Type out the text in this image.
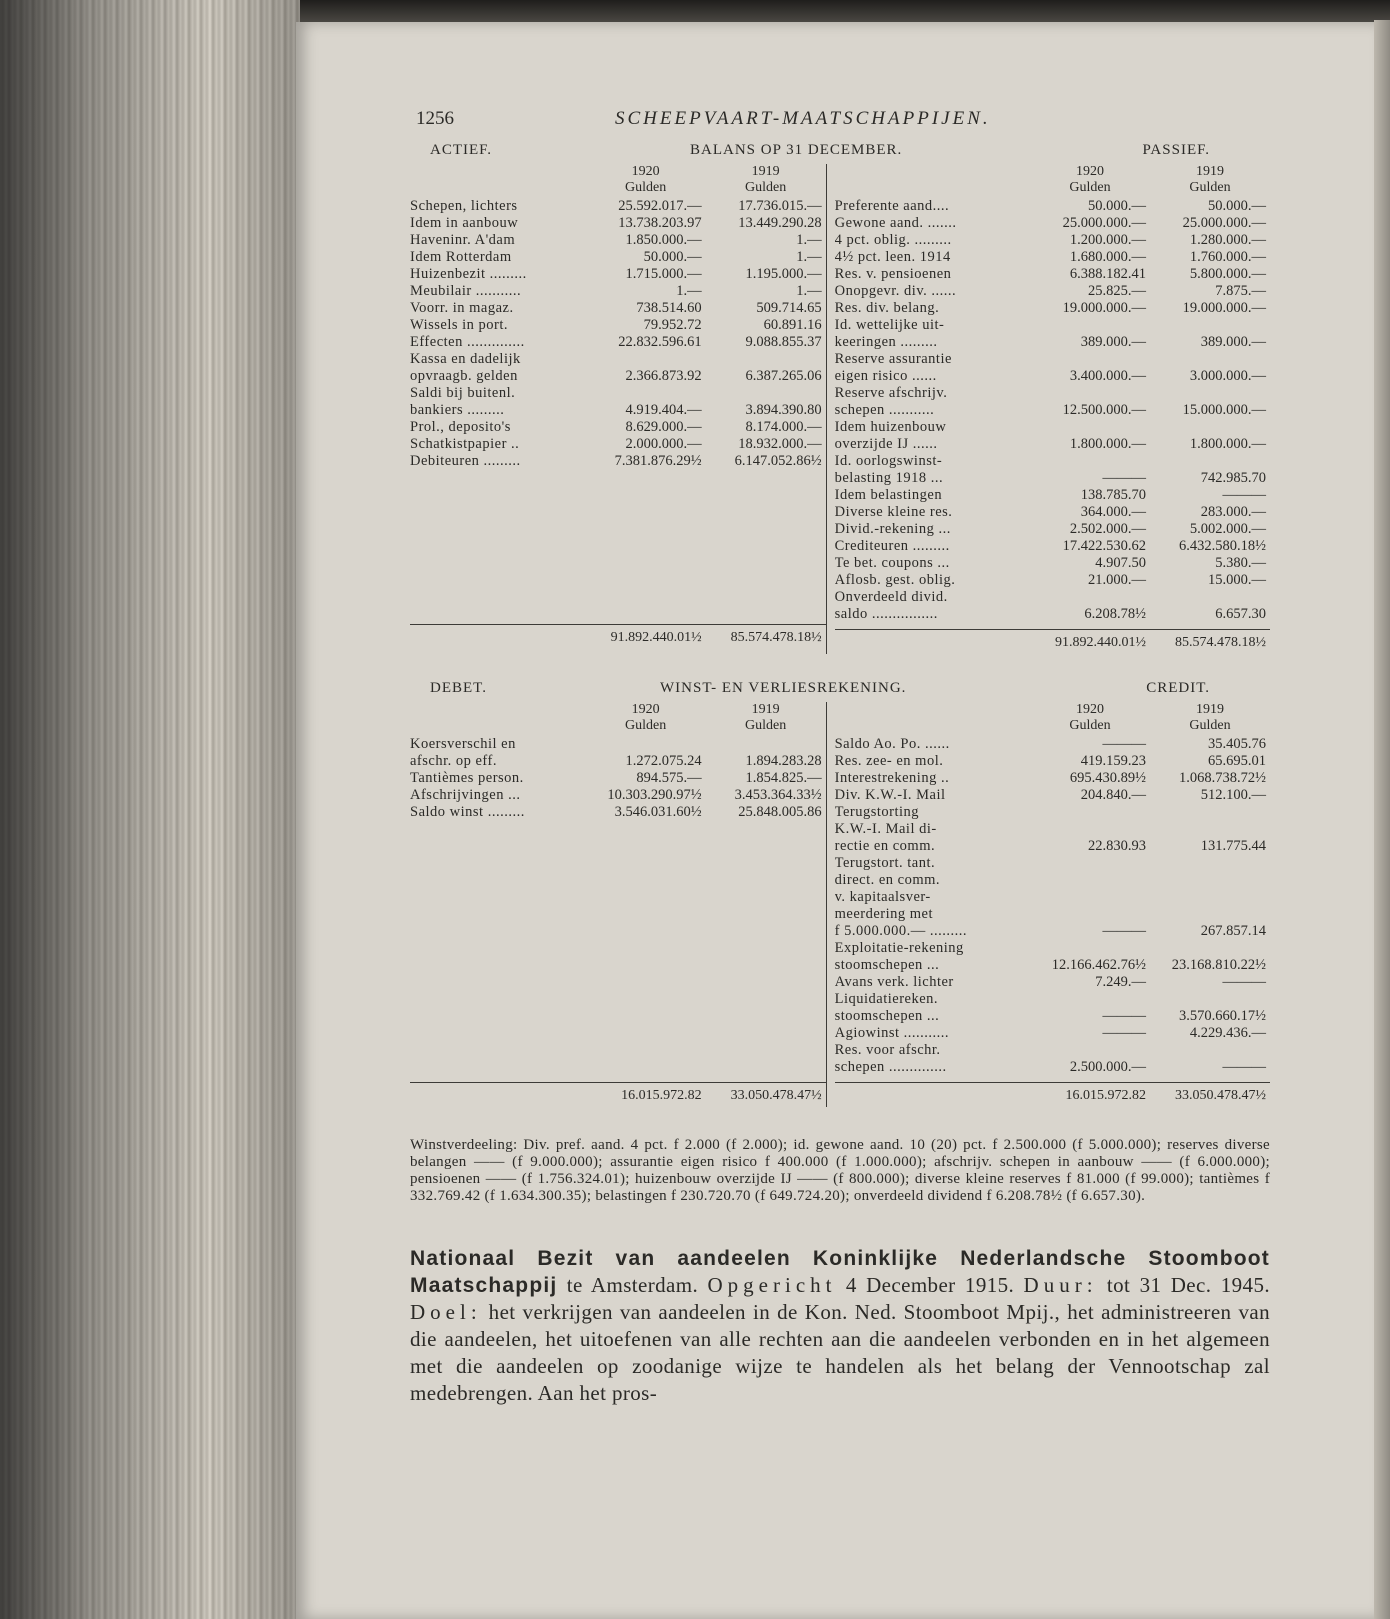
1256	SCHEEPVAART-MAATSCHAPPIJEN.
ACTIEF.	BALANS OP 31 DECEMBER.	PASSIEF.
1920
Gulden
1919
Gulden
Schepen, lichters	25.592.017.—	17.736.015.—
Idem in aanbouw	13.738.203.97	13.449.290.28
Haveninr. A'dam	1.850.000.—	1.—
Idem Rotterdam	50.000.—	1.—
Huizenbezit .........	1.715.000.—	1.195.000.—
Meubilair ...........	1.—	1.—
Voorr. in magaz.	738.514.60	509.714.65
Wissels in port.	79.952.72	60.891.16
Effecten ..............	22.832.596.61	9.088.855.37
Kassa en dadelijk
opvraagb. gelden	2.366.873.92	6.387.265.06
Saldi bij buitenl.
bankiers .........	4.919.404.—	3.894.390.80
Prol., deposito's	8.629.000.—	8.174.000.—
Schatkistpapier ..	2.000.000.—	18.932.000.—
Debiteuren .........	7.381.876.29½	6.147.052.86½
91.892.440.01½	85.574.478.18½
1920
Gulden
1919
Gulden
Preferente aand....	50.000.—	50.000.—
Gewone aand. .......	25.000.000.—	25.000.000.—
4 pct. oblig. .........	1.200.000.—	1.280.000.—
4½ pct. leen. 1914	1.680.000.—	1.760.000.—
Res. v. pensioenen	6.388.182.41	5.800.000.—
Onopgevr. div. ......	25.825.—	7.875.—
Res. div. belang.	19.000.000.—	19.000.000.—
Id. wettelijke uit-
keeringen .........	389.000.—	389.000.—
Reserve assurantie
eigen risico ......	3.400.000.—	3.000.000.—
Reserve afschrijv.
schepen ...........	12.500.000.—	15.000.000.—
Idem huizenbouw
overzijde IJ ......	1.800.000.—	1.800.000.—
Id. oorlogswinst-
belasting 1918 ...	———	742.985.70
Idem belastingen	138.785.70	———
Diverse kleine res.	364.000.—	283.000.—
Divid.-rekening ...	2.502.000.—	5.002.000.—
Crediteuren .........	17.422.530.62	6.432.580.18½
Te bet. coupons ...	4.907.50	5.380.—
Aflosb. gest. oblig.	21.000.—	15.000.—
Onverdeeld divid.
saldo ................	6.208.78½	6.657.30
91.892.440.01½	85.574.478.18½
DEBET.	WINST- EN VERLIESREKENING.	CREDIT.
1920
Gulden
1919
Gulden
Koersverschil en
afschr. op eff.	1.272.075.24	1.894.283.28
Tantièmes person.	894.575.—	1.854.825.—
Afschrijvingen ...	10.303.290.97½	3.453.364.33½
Saldo winst .........	3.546.031.60½	25.848.005.86
16.015.972.82	33.050.478.47½
1920
Gulden
1919
Gulden
Saldo Ao. Po. ......	———	35.405.76
Res. zee- en mol.	419.159.23	65.695.01
Interestrekening ..	695.430.89½	1.068.738.72½
Div. K.W.-I. Mail	204.840.—	512.100.—
Terugstorting
K.W.-I. Mail di-
rectie en comm.	22.830.93	131.775.44
Terugstort. tant.
direct. en comm.
v. kapitaalsver-
meerdering met
f 5.000.000.— .........	———	267.857.14
Exploitatie-rekening
stoomschepen ...	12.166.462.76½	23.168.810.22½
Avans verk. lichter	7.249.—	———
Liquidatiereken.
stoomschepen ...	———	3.570.660.17½
Agiowinst ...........	———	4.229.436.—
Res. voor afschr.
schepen ..............	2.500.000.—	———
16.015.972.82	33.050.478.47½
Winstverdeeling: Div. pref. aand. 4 pct. f 2.000 (f 2.000); id. gewone aand. 10 (20) pct. f 2.500.000 (f 5.000.000); reserves diverse belangen —— (f 9.000.000); assurantie eigen risico f 400.000 (f 1.000.000); afschrijv. schepen in aanbouw —— (f 6.000.000); pensioenen —— (f 1.756.324.01); huizenbouw overzijde IJ —— (f 800.000); diverse kleine reserves f 81.000 (f 99.000); tantièmes f 332.769.42 (f 1.634.300.35); belastingen f 230.720.70 (f 649.724.20); onverdeeld dividend f 6.208.78½ (f 6.657.30).
Nationaal Bezit van aandeelen Koninklijke Nederlandsche Stoomboot Maatschappij te Amsterdam. Opgericht 4 December 1915. Duur: tot 31 Dec. 1945. Doel: het verkrijgen van aandeelen in de Kon. Ned. Stoomboot Mpij., het administreeren van die aandeelen, het uitoefenen van alle rechten aan die aandeelen verbonden en in het algemeen met die aandeelen op zoodanige wijze te handelen als het belang der Vennootschap zal medebrengen. Aan het pros-
